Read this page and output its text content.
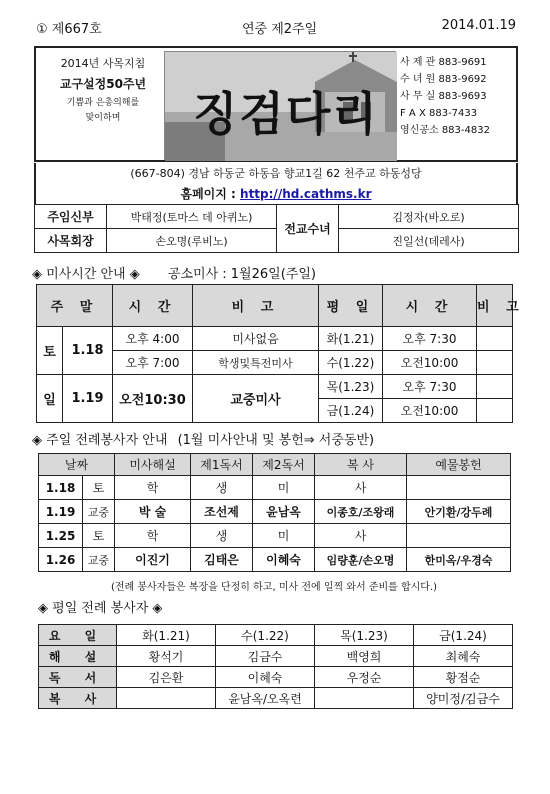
① 제667호	연중 제2주일	2014.01.19
2014년 사목지침
교구설정50주년
기쁨과 은총의해를
맞이하며	징검다리
사 제 관 883-9691
수 녀 원 883-9692
사 무 실 883-9693
F A X 883-7433
영신공소 883-4832
(667-804) 경남 하동군 하동읍 향교1길 62 천주교 하동성당
홈페이지 : http://hd.cathms.kr
주임신부	박태정(토마스 데 아퀴노)	전교수녀	김정자(바오로)
사목회장	손오명(루비노)		진일선(데레사)
◈ 미사시간 안내 ◈ 공소미사 : 1월26일(주일)
주 말		시 간	비 고	평 일	시 간	비 고
토	1.18	오후 4:00	미사없음	화(1.21)	오후 7:30	
		오후 7:00	학생및특전미사	수(1.22)	오전10:00	
일	1.19	오전10:30	교중미사	목(1.23)	오후 7:30	
				금(1.24)	오전10:00	
◈ 주일 전례봉사자 안내 (1월 미사안내 및 봉헌⇒ 서중동반)
날짜		미사해설	제1독서	제2독서	복 사	예물봉헌
1.18	토	학	생	미	사	
1.19	교중	박 술	조선제	윤남옥	이종호/조왕래	안기환/강두례
1.25	토	학	생	미	사	
1.26	교중	이진기	김태은	이혜숙	임량훈/손오명	한미옥/우경숙
(전례 봉사자들은 복장을 단정히 하고, 미사 전에 일찍 와서 준비를 합시다.)
◈ 평일 전례 봉사자 ◈
요 일	화(1.21)	수(1.22)	목(1.23)	금(1.24)
해 설	황석기	김금수	백영희	최혜숙
독 서	김은환	이혜숙	우정순	황점순
복 사		윤남옥/오옥련		양미정/김금수
